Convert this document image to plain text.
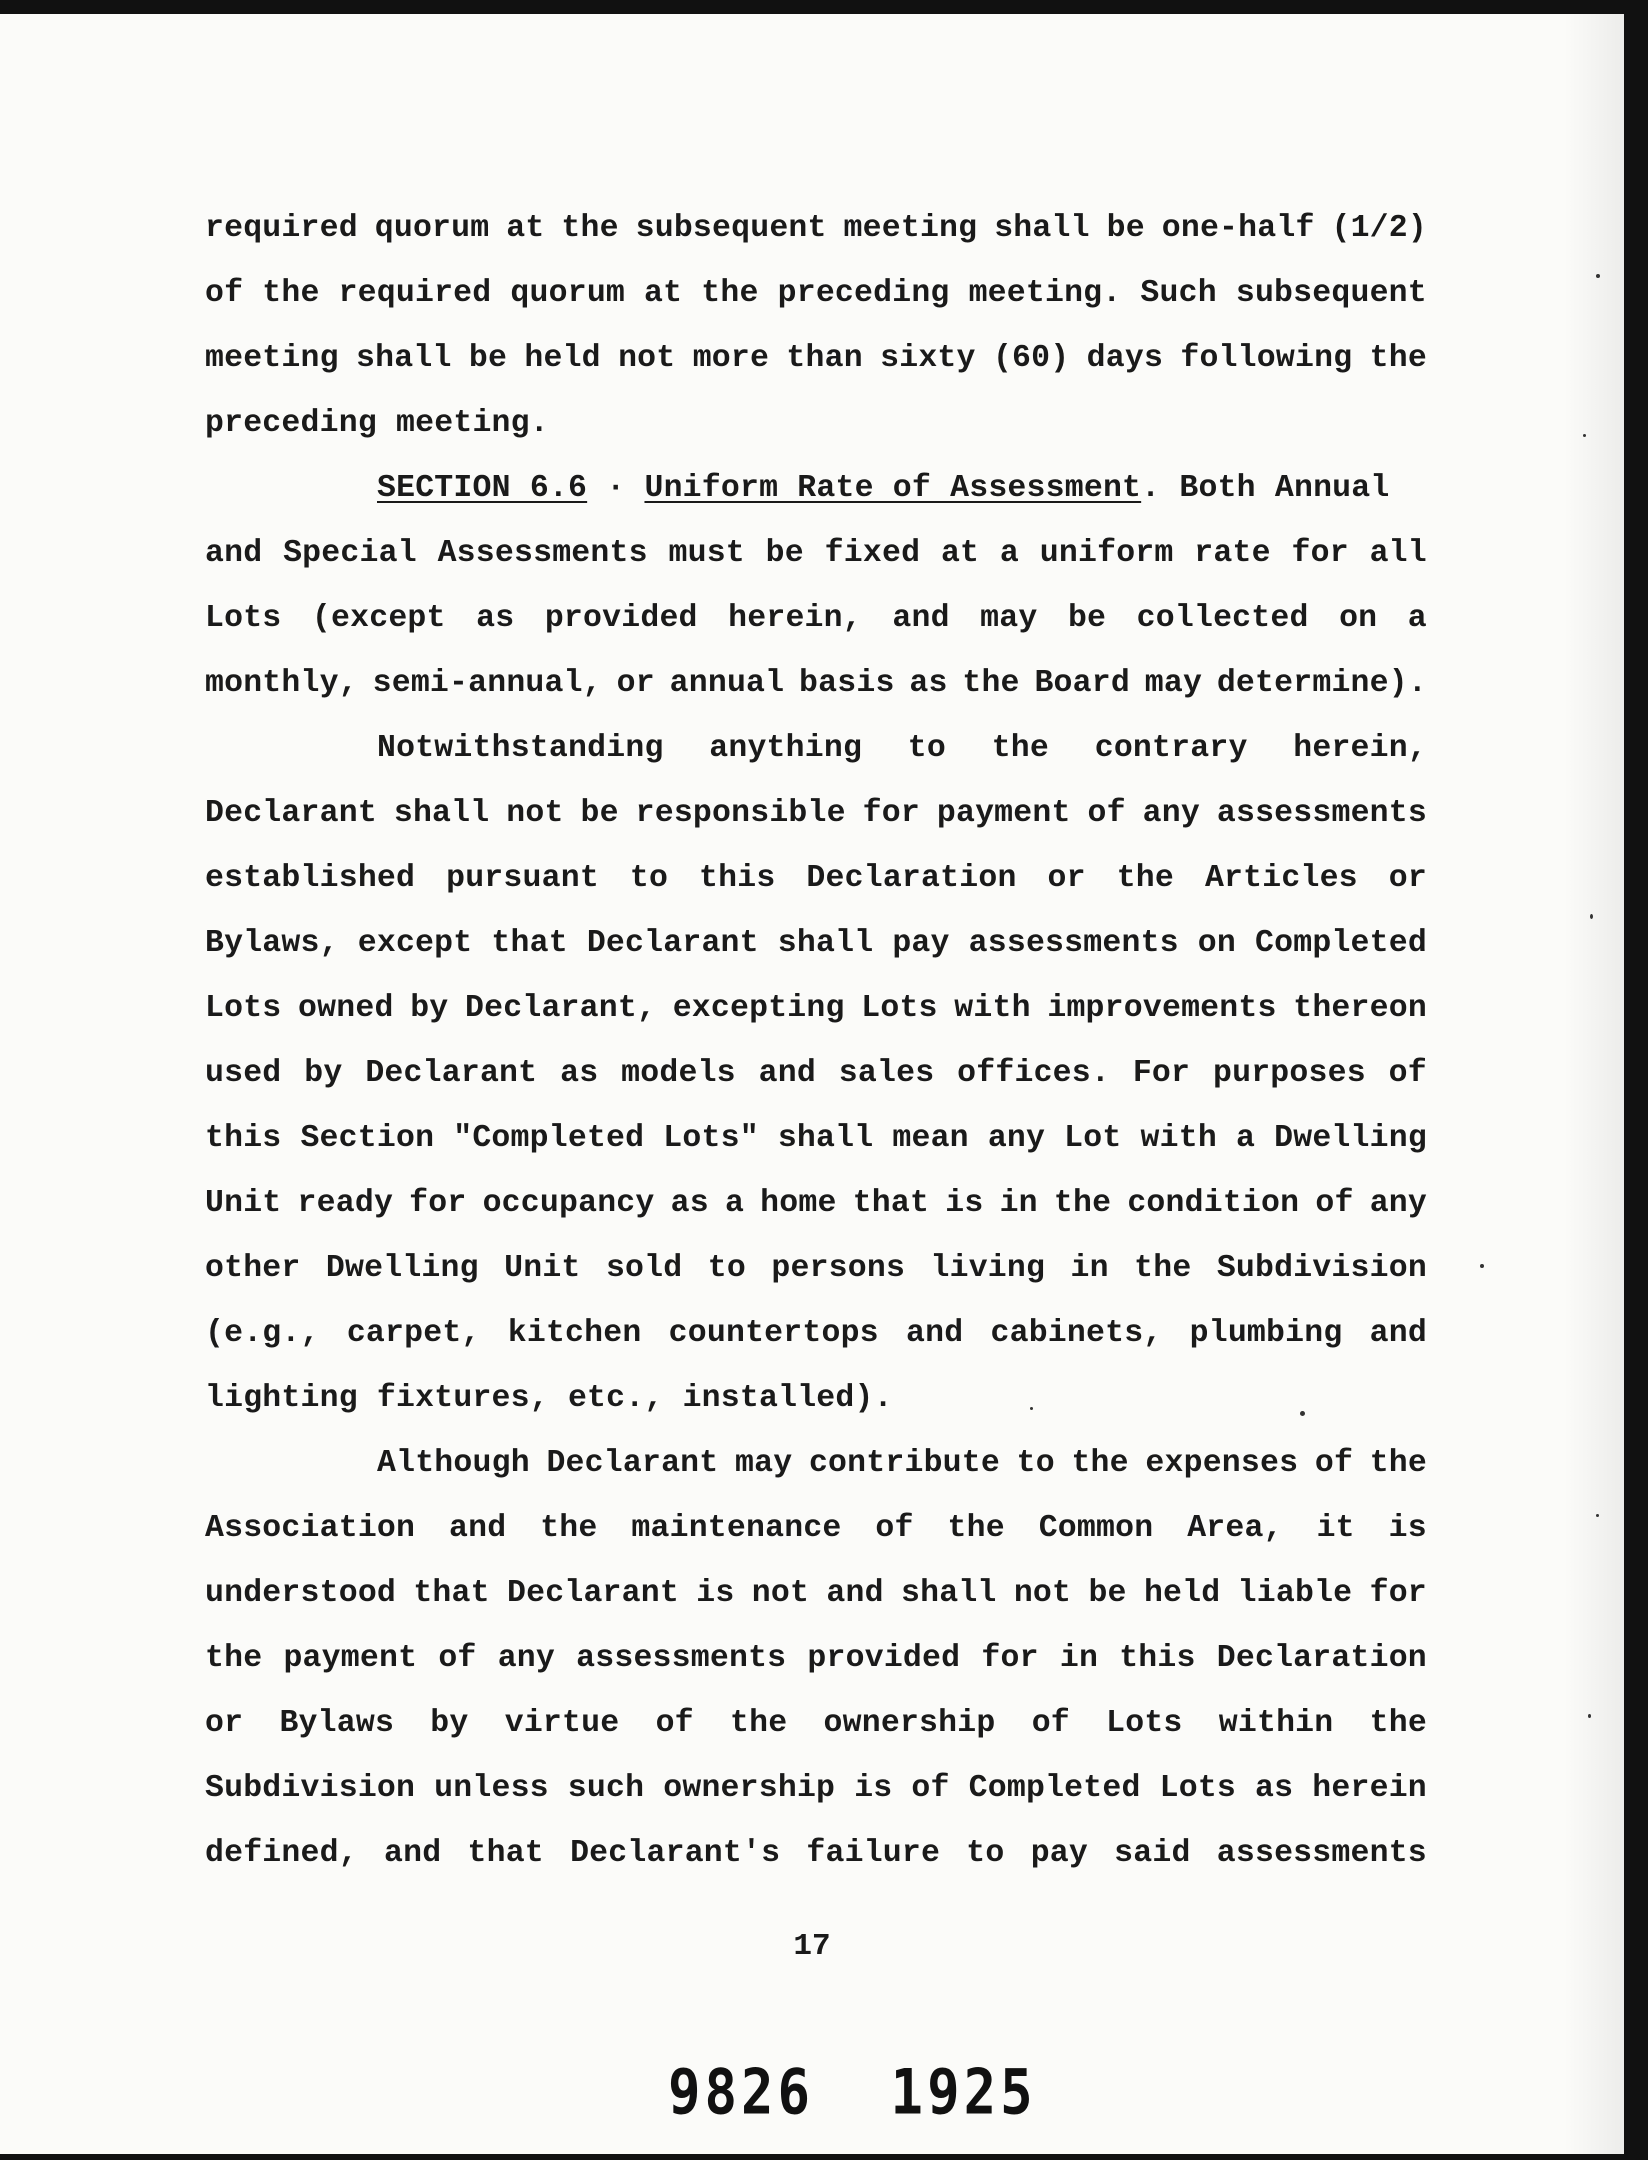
required quorum at the subsequent meeting shall be one-half (1/2)
of the required quorum at the preceding meeting. Such subsequent
meeting shall be held not more than sixty (60) days following the
preceding meeting.
SECTION 6.6 · Uniform Rate of Assessment. Both Annual
and Special Assessments must be fixed at a uniform rate for all
Lots (except as provided herein, and may be collected on a
monthly, semi-annual, or annual basis as the Board may determine).
Notwithstanding anything to the contrary herein,
Declarant shall not be responsible for payment of any assessments
established pursuant to this Declaration or the Articles or
Bylaws, except that Declarant shall pay assessments on Completed
Lots owned by Declarant, excepting Lots with improvements thereon
used by Declarant as models and sales offices. For purposes of
this Section "Completed Lots" shall mean any Lot with a Dwelling
Unit ready for occupancy as a home that is in the condition of any
other Dwelling Unit sold to persons living in the Subdivision
(e.g., carpet, kitchen countertops and cabinets, plumbing and
lighting fixtures, etc., installed).
Although Declarant may contribute to the expenses of the
Association and the maintenance of the Common Area, it is
understood that Declarant is not and shall not be held liable for
the payment of any assessments provided for in this Declaration
or Bylaws by virtue of the ownership of Lots within the
Subdivision unless such ownership is of Completed Lots as herein
defined, and that Declarant's failure to pay said assessments
17
9826 1925
